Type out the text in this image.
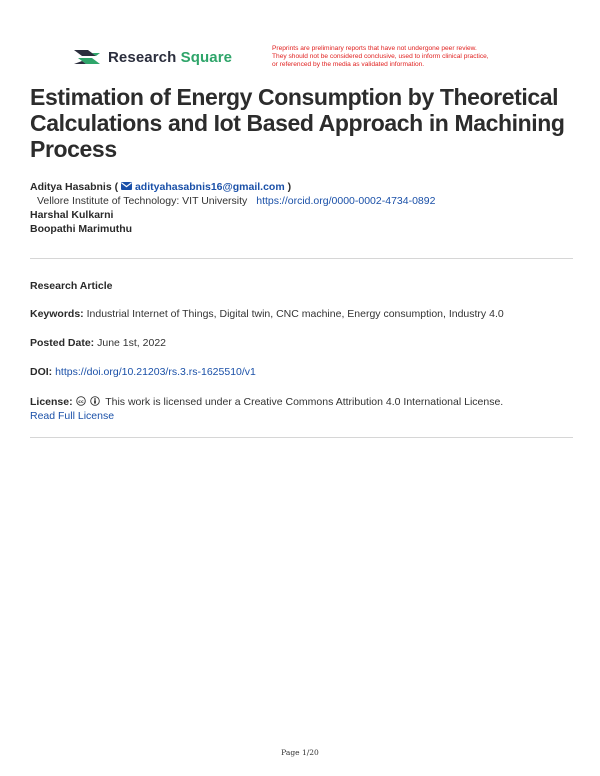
Research Square	Preprints are preliminary reports that have not undergone peer review.
They should not be considered conclusive, used to inform clinical practice,
or referenced by the media as validated information.
Estimation of Energy Consumption by Theoretical Calculations and Iot Based Approach in Machining Process
Aditya Hasabnis ( adityahasabnis16@gmail.com )
Vellore Institute of Technology: VIT University https://orcid.org/0000-0002-4734-0892
Harshal Kulkarni
Boopathi Marimuthu
Research Article
Keywords: Industrial Internet of Things, Digital twin, CNC machine, Energy consumption, Industry 4.0
Posted Date: June 1st, 2022
DOI: https://doi.org/10.21203/rs.3.rs-1625510/v1
License: cc This work is licensed under a Creative Commons Attribution 4.0 International License.
Read Full License
Page 1/20
